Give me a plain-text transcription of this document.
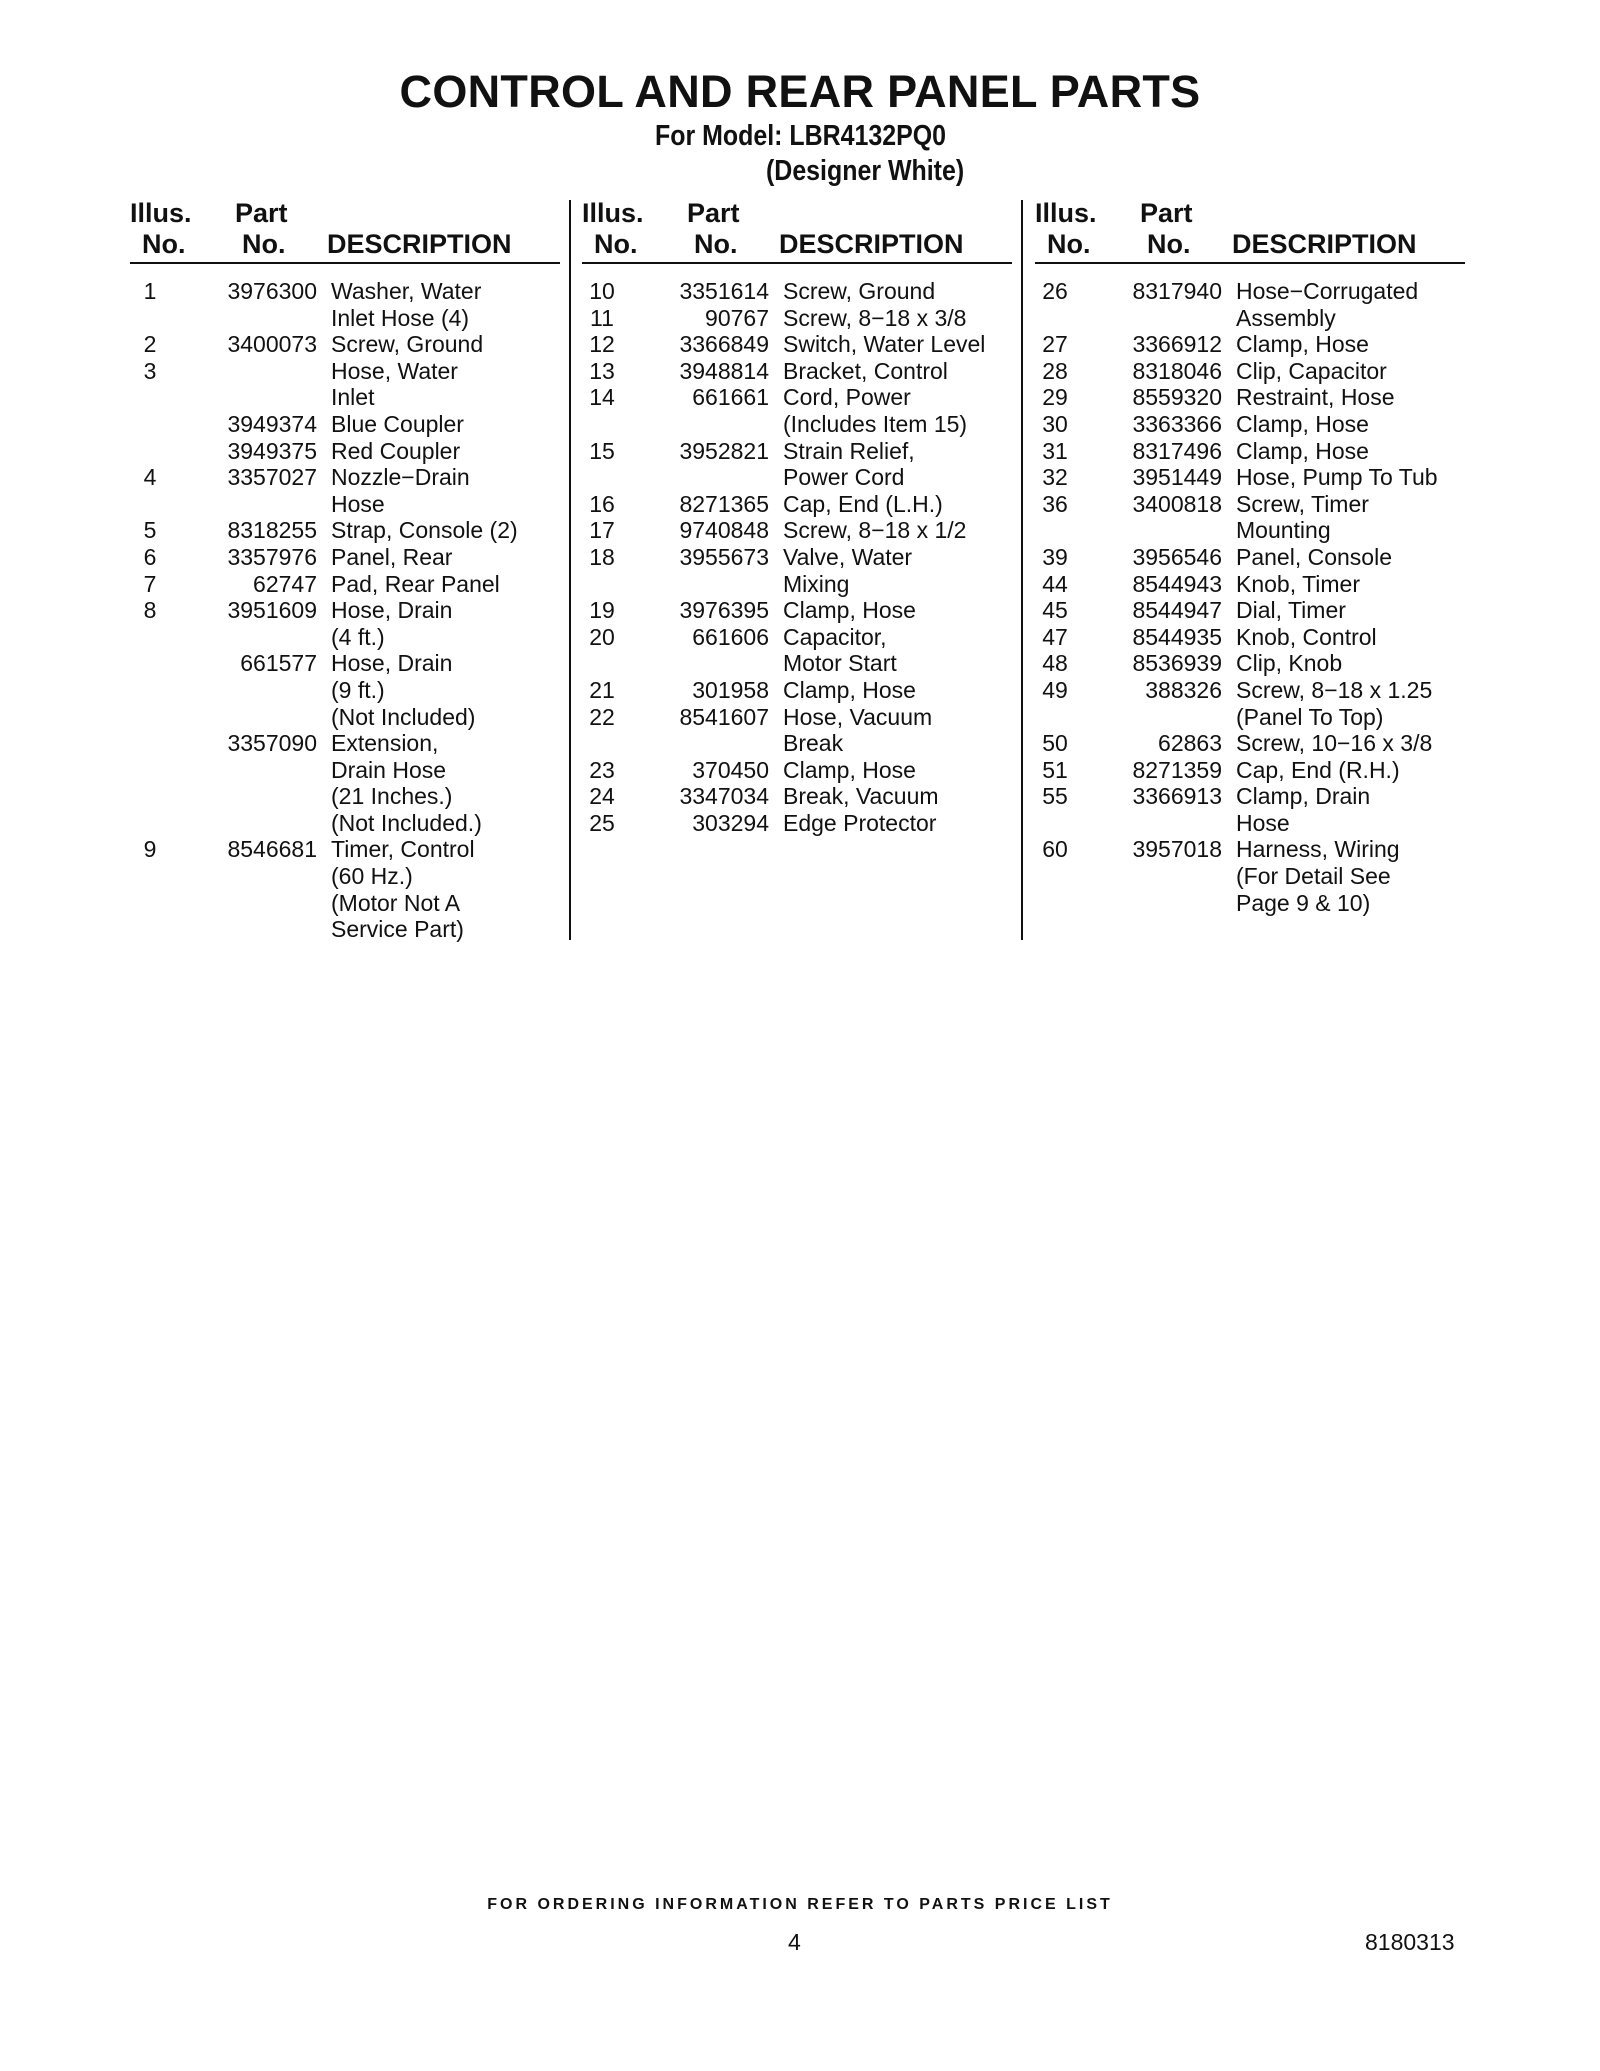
CONTROL AND REAR PANEL PARTS
For Model: LBR4132PQ0
(Designer White)
Illus.
No.
Part
No. DESCRIPTION
1	3976300 Washer, Water
Inlet Hose (4)
2	3400073 Screw, Ground
3	Hose, Water
Inlet
3949374 Blue Coupler
3949375 Red Coupler
4	3357027 Nozzle−Drain
Hose
5	8318255 Strap, Console (2)
6	3357976 Panel, Rear
7	62747 Pad, Rear Panel
8	3951609 Hose, Drain
(4 ft.)
661577 Hose, Drain
(9 ft.)
(Not Included)
3357090 Extension,
Drain Hose
(21 Inches.)
(Not Included.)
9	8546681 Timer, Control
(60 Hz.)
(Motor Not A
Service Part)
Illus.
No.
Part
No. DESCRIPTION
10	3351614 Screw, Ground
11	90767 Screw, 8−18 x 3/8
12	3366849 Switch, Water Level
13	3948814 Bracket, Control
14	661661 Cord, Power
(Includes Item 15)
15	3952821 Strain Relief,
Power Cord
16	8271365 Cap, End (L.H.)
17	9740848 Screw, 8−18 x 1/2
18	3955673 Valve, Water
Mixing
19	3976395 Clamp, Hose
20	661606 Capacitor,
Motor Start
21	301958 Clamp, Hose
22	8541607 Hose, Vacuum
Break
23	370450 Clamp, Hose
24	3347034 Break, Vacuum
25	303294 Edge Protector
Illus.
No.
Part
No. DESCRIPTION
26	8317940 Hose−Corrugated
Assembly
27	3366912 Clamp, Hose
28	8318046 Clip, Capacitor
29	8559320 Restraint, Hose
30	3363366 Clamp, Hose
31	8317496 Clamp, Hose
32	3951449 Hose, Pump To Tub
36	3400818 Screw, Timer
Mounting
39	3956546 Panel, Console
44	8544943 Knob, Timer
45	8544947 Dial, Timer
47	8544935 Knob, Control
48	8536939 Clip, Knob
49	388326 Screw, 8−18 x 1.25
(Panel To Top)
50	62863 Screw, 10−16 x 3/8
51	8271359 Cap, End (R.H.)
55	3366913 Clamp, Drain
Hose
60	3957018 Harness, Wiring
(For Detail See
Page 9 & 10)
FOR ORDERING INFORMATION REFER TO PARTS PRICE LIST
4	8180313
